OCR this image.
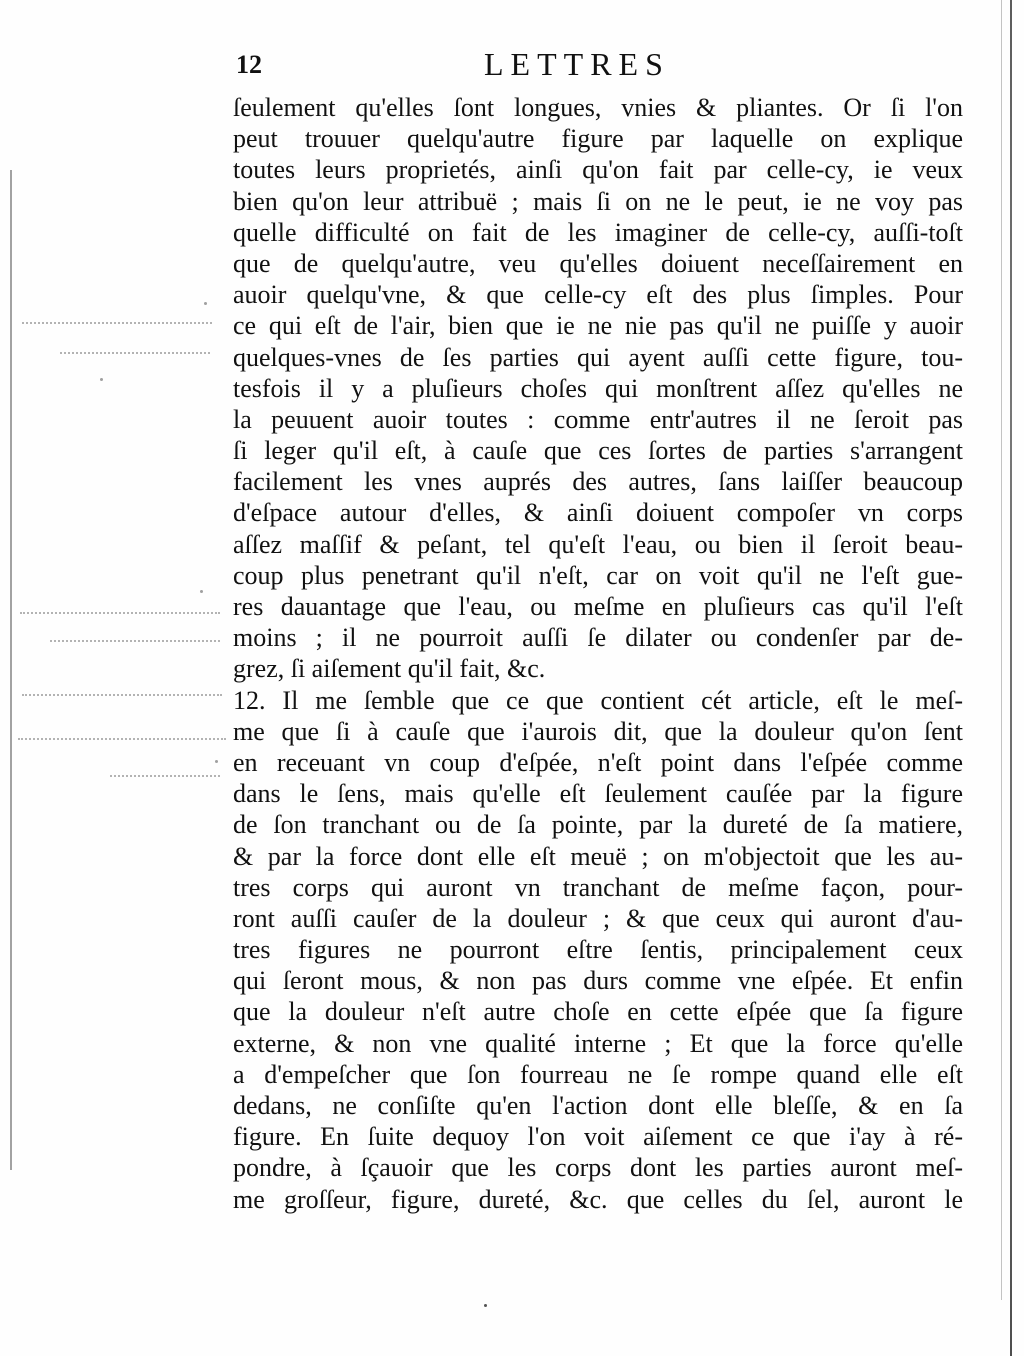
12	LETTRES
ſeulement qu'elles ſont longues, vnies & pliantes. Or ſi l'on
peut trouuer quelqu'autre figure par laquelle on explique
toutes leurs proprietés, ainſi qu'on fait par celle-cy, ie veux
bien qu'on leur attribuë ; mais ſi on ne le peut, ie ne voy pas
quelle difficulté on fait de les imaginer de celle-cy, auſſi-toſt
que de quelqu'autre, veu qu'elles doiuent neceſſairement en
auoir quelqu'vne, & que celle-cy eſt des plus ſimples. Pour
ce qui eſt de l'air, bien que ie ne nie pas qu'il ne puiſſe y auoir
quelques-vnes de ſes parties qui ayent auſſi cette figure, tou-
tesfois il y a pluſieurs choſes qui monſtrent aſſez qu'elles ne
la peuuent auoir toutes : comme entr'autres il ne ſeroit pas
ſi leger qu'il eſt, à cauſe que ces ſortes de parties s'arrangent
facilement les vnes auprés des autres, ſans laiſſer beaucoup
d'eſpace autour d'elles, & ainſi doiuent compoſer vn corps
aſſez maſſif & peſant, tel qu'eſt l'eau, ou bien il ſeroit beau-
coup plus penetrant qu'il n'eſt, car on voit qu'il ne l'eſt gue-
res dauantage que l'eau, ou meſme en pluſieurs cas qu'il l'eſt
moins ; il ne pourroit auſſi ſe dilater ou condenſer par de-
grez, ſi aiſement qu'il fait, &c.
12. Il me ſemble que ce que contient cét article, eſt le meſ-
me que ſi à cauſe que i'aurois dit, que la douleur qu'on ſent
en receuant vn coup d'eſpée, n'eſt point dans l'eſpée comme
dans le ſens, mais qu'elle eſt ſeulement cauſée par la figure
de ſon tranchant ou de ſa pointe, par la dureté de ſa matiere,
& par la force dont elle eſt meuë ; on m'objectoit que les au-
tres corps qui auront vn tranchant de meſme façon, pour-
ront auſſi cauſer de la douleur ; & que ceux qui auront d'au-
tres figures ne pourront eſtre ſentis, principalement ceux
qui ſeront mous, & non pas durs comme vne eſpée. Et enfin
que la douleur n'eſt autre choſe en cette eſpée que ſa figure
externe, & non vne qualité interne ; Et que la force qu'elle
a d'empeſcher que ſon fourreau ne ſe rompe quand elle eſt
dedans, ne conſiſte qu'en l'action dont elle bleſſe, & en ſa
figure. En ſuite dequoy l'on voit aiſement ce que i'ay à ré-
pondre, à ſçauoir que les corps dont les parties auront meſ-
me groſſeur, figure, dureté, &c. que celles du ſel, auront le
